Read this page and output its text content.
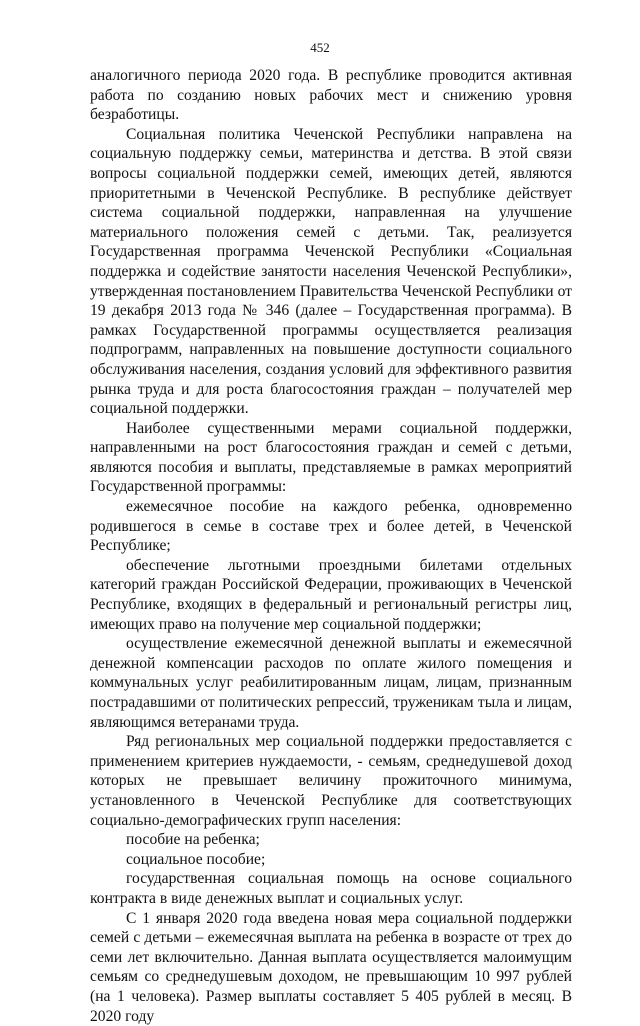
452

аналогичного периода 2020 года. В республике проводится активная работа по созданию новых рабочих мест и снижению уровня безработицы.

Социальная политика Чеченской Республики направлена на социальную поддержку семьи, материнства и детства. В этой связи вопросы социальной поддержки семей, имеющих детей, являются приоритетными в Чеченской Республике. В республике действует система социальной поддержки, направленная на улучшение материального положения семей с детьми. Так, реализуется Государственная программа Чеченской Республики «Социальная поддержка и содействие занятости населения Чеченской Республики», утвержденная постановлением Правительства Чеченской Республики от 19 декабря 2013 года № 346 (далее – Государственная программа). В рамках Государственной программы осуществляется реализация подпрограмм, направленных на повышение доступности социального обслуживания населения, создания условий для эффективного развития рынка труда и для роста благосостояния граждан – получателей мер социальной поддержки.

Наиболее существенными мерами социальной поддержки, направленными на рост благосостояния граждан и семей с детьми, являются пособия и выплаты, представляемые в рамках мероприятий Государственной программы:

ежемесячное пособие на каждого ребенка, одновременно родившегося в семье в составе трех и более детей, в Чеченской Республике;

обеспечение льготными проездными билетами отдельных категорий граждан Российской Федерации, проживающих в Чеченской Республике, входящих в федеральный и региональный регистры лиц, имеющих право на получение мер социальной поддержки;

осуществление ежемесячной денежной выплаты и ежемесячной денежной компенсации расходов по оплате жилого помещения и коммунальных услуг реабилитированным лицам, лицам, признанным пострадавшими от политических репрессий, труженикам тыла и лицам, являющимся ветеранами труда.

Ряд региональных мер социальной поддержки предоставляется с применением критериев нуждаемости, - семьям, среднедушевой доход которых не превышает величину прожиточного минимума, установленного в Чеченской Республике для соответствующих социально-демографических групп населения:

пособие на ребенка;

социальное пособие;

государственная социальная помощь на основе социального контракта в виде денежных выплат и социальных услуг.

С 1 января 2020 года введена новая мера социальной поддержки семей с детьми – ежемесячная выплата на ребенка в возрасте от трех до семи лет включительно. Данная выплата осуществляется малоимущим семьям со среднедушевым доходом, не превышающим 10 997 рублей (на 1 человека). Размер выплаты составляет 5 405 рублей в месяц. В 2020 году
